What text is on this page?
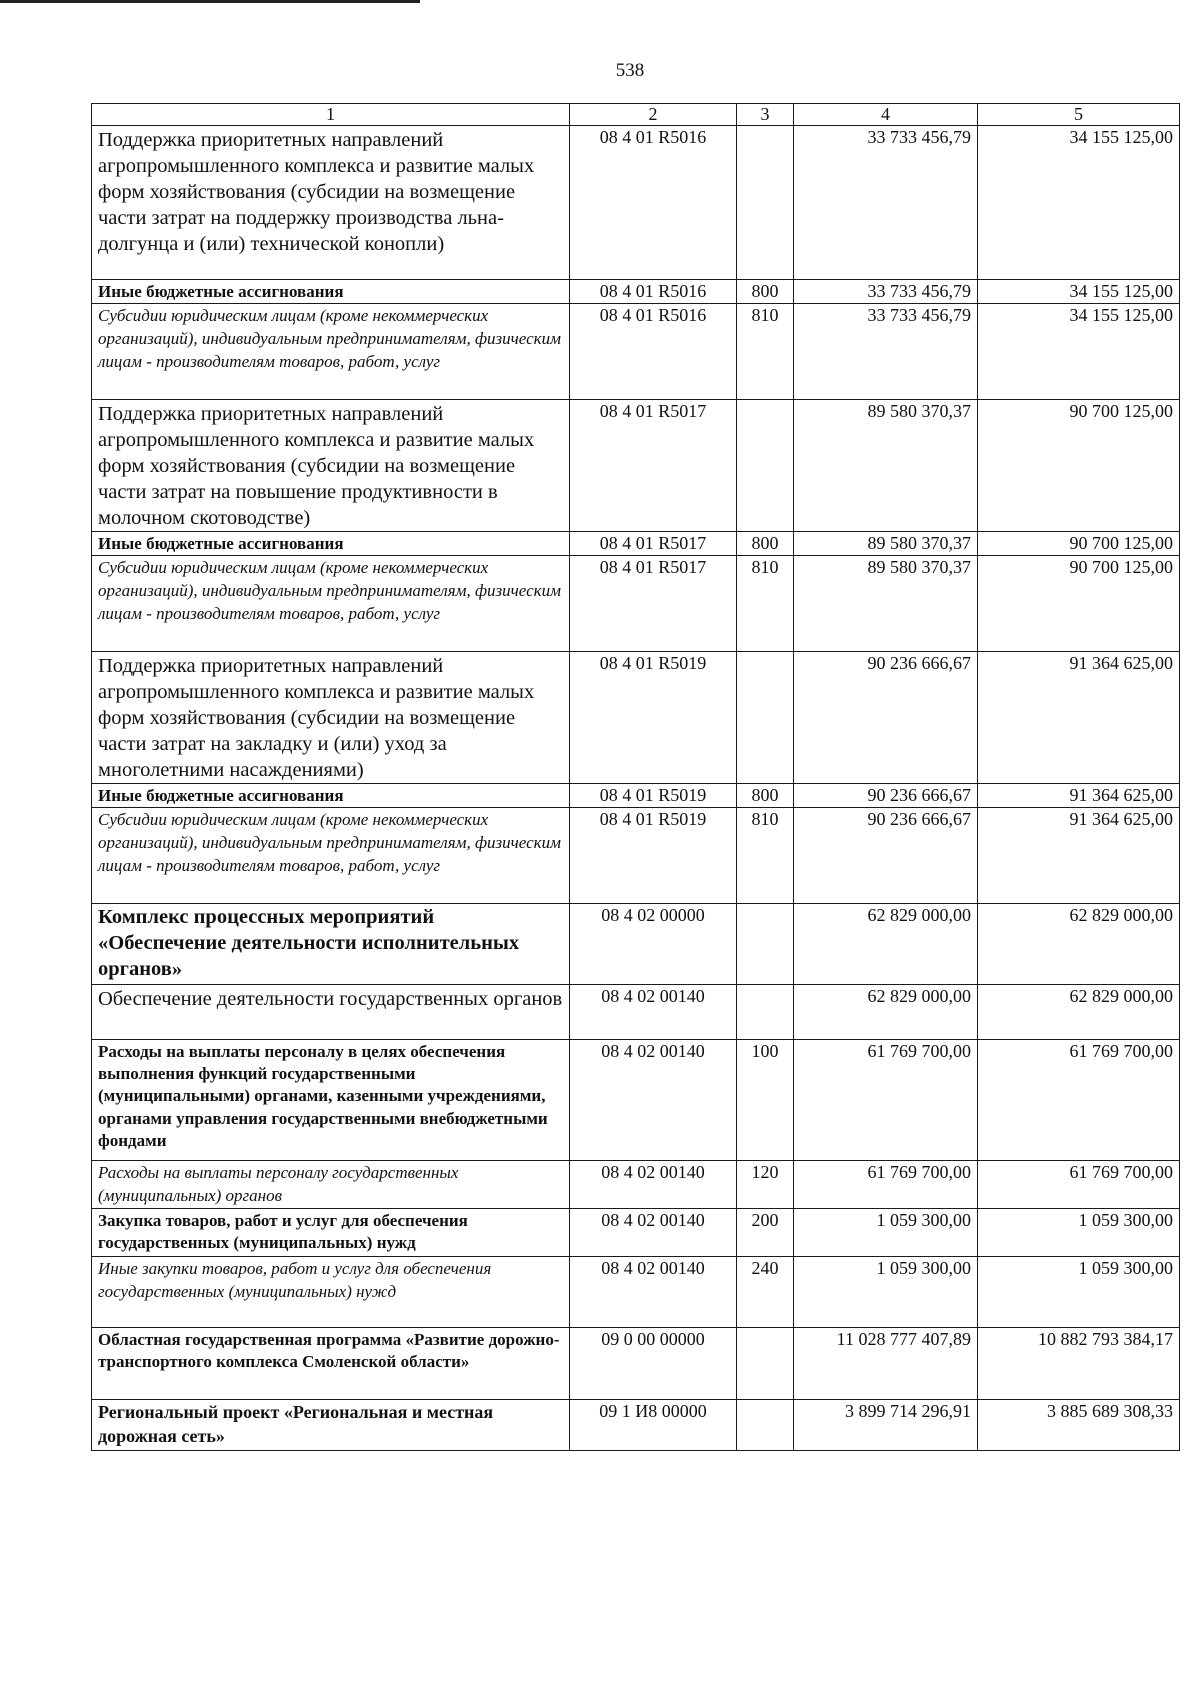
538
1	2	3	4	5
Поддержка приоритетных направлений агропромышленного комплекса и развитие малых форм хозяйствования (субсидии на возмещение части затрат на поддержку производства льна-долгунца и (или) технической конопли)	08 4 01 R5016		33 733 456,79	34 155 125,00
Иные бюджетные ассигнования	08 4 01 R5016	800	33 733 456,79	34 155 125,00
Субсидии юридическим лицам (кроме некоммерческих организаций), индивидуальным предпринимателям, физическим лицам - производителям товаров, работ, услуг	08 4 01 R5016	810	33 733 456,79	34 155 125,00
Поддержка приоритетных направлений агропромышленного комплекса и развитие малых форм хозяйствования (субсидии на возмещение части затрат на повышение продуктивности в молочном скотоводстве)	08 4 01 R5017		89 580 370,37	90 700 125,00
Иные бюджетные ассигнования	08 4 01 R5017	800	89 580 370,37	90 700 125,00
Субсидии юридическим лицам (кроме некоммерческих организаций), индивидуальным предпринимателям, физическим лицам - производителям товаров, работ, услуг	08 4 01 R5017	810	89 580 370,37	90 700 125,00
Поддержка приоритетных направлений агропромышленного комплекса и развитие малых форм хозяйствования (субсидии на возмещение части затрат на закладку и (или) уход за многолетними насаждениями)	08 4 01 R5019		90 236 666,67	91 364 625,00
Иные бюджетные ассигнования	08 4 01 R5019	800	90 236 666,67	91 364 625,00
Субсидии юридическим лицам (кроме некоммерческих организаций), индивидуальным предпринимателям, физическим лицам - производителям товаров, работ, услуг	08 4 01 R5019	810	90 236 666,67	91 364 625,00
Комплекс процессных мероприятий «Обеспечение деятельности исполнительных органов»	08 4 02 00000		62 829 000,00	62 829 000,00
Обеспечение деятельности государственных органов	08 4 02 00140		62 829 000,00	62 829 000,00
Расходы на выплаты персоналу в целях обеспечения выполнения функций государственными (муниципальными) органами, казенными учреждениями, органами управления государственными внебюджетными фондами	08 4 02 00140	100	61 769 700,00	61 769 700,00
Расходы на выплаты персоналу государственных (муниципальных) органов	08 4 02 00140	120	61 769 700,00	61 769 700,00
Закупка товаров, работ и услуг для обеспечения государственных (муниципальных) нужд	08 4 02 00140	200	1 059 300,00	1 059 300,00
Иные закупки товаров, работ и услуг для обеспечения государственных (муниципальных) нужд	08 4 02 00140	240	1 059 300,00	1 059 300,00
Областная государственная программа «Развитие дорожно-транспортного комплекса Смоленской области»	09 0 00 00000		11 028 777 407,89	10 882 793 384,17
Региональный проект «Региональная и местная дорожная сеть»	09 1 И8 00000		3 899 714 296,91	3 885 689 308,33
